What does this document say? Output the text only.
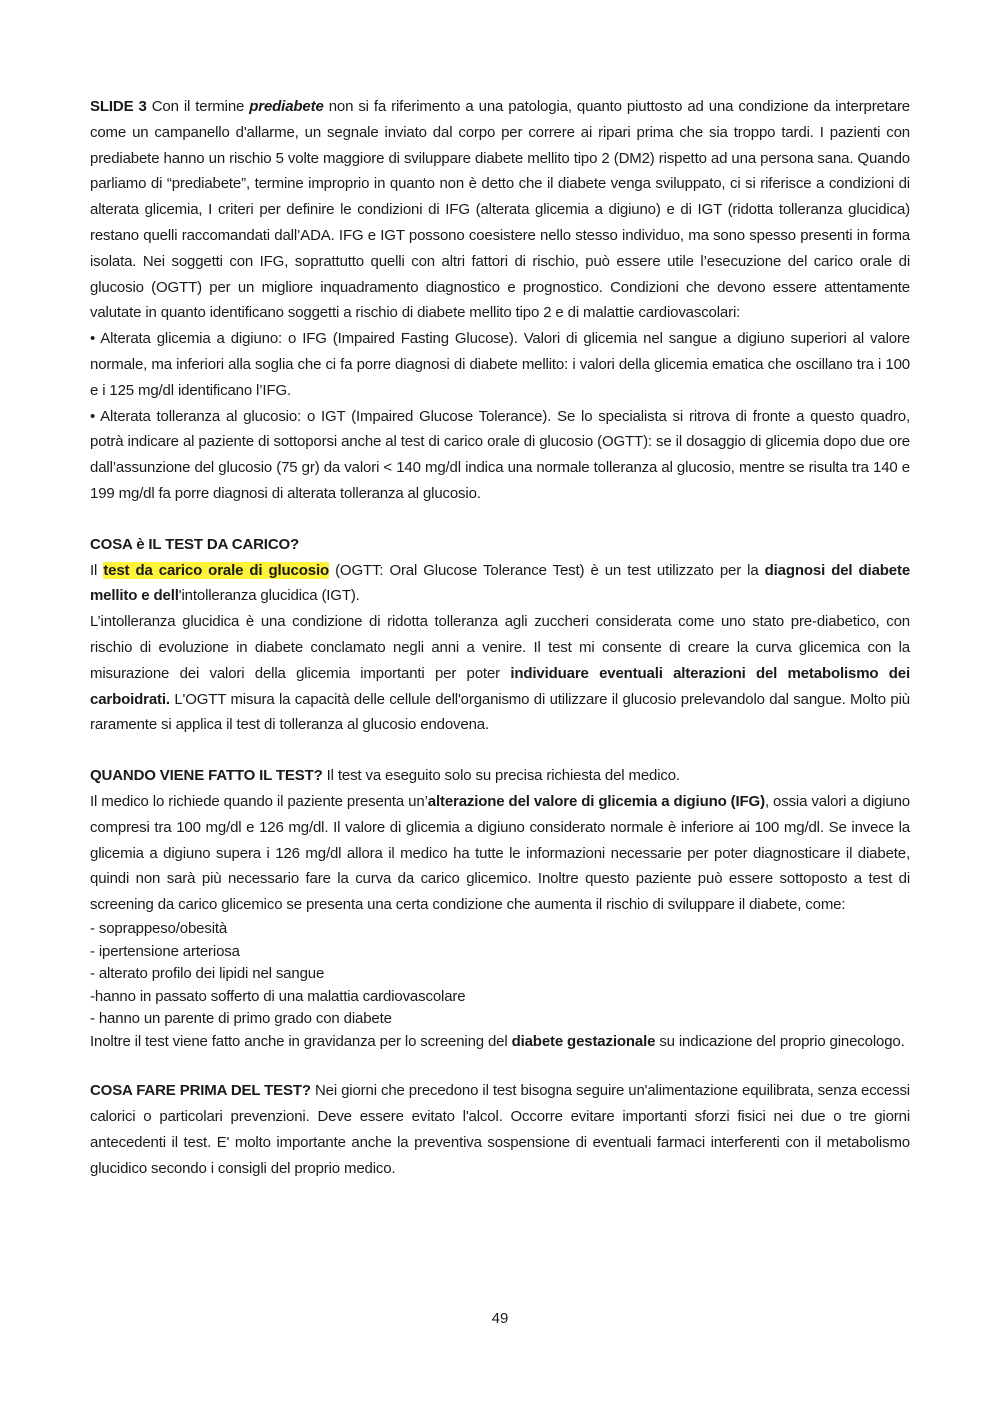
SLIDE 3 Con il termine prediabete non si fa riferimento a una patologia, quanto piuttosto ad una condizione da interpretare come un campanello d'allarme, un segnale inviato dal corpo per correre ai ripari prima che sia troppo tardi. I pazienti con prediabete hanno un rischio 5 volte maggiore di sviluppare diabete mellito tipo 2 (DM2) rispetto ad una persona sana. Quando parliamo di “prediabete”, termine improprio in quanto non è detto che il diabete venga sviluppato, ci si riferisce a condizioni di alterata glicemia, I criteri per definire le condizioni di IFG (alterata glicemia a digiuno) e di IGT (ridotta tolleranza glucidica) restano quelli raccomandati dall’ADA. IFG e IGT possono coesistere nello stesso individuo, ma sono spesso presenti in forma isolata. Nei soggetti con IFG, soprattutto quelli con altri fattori di rischio, può essere utile l’esecuzione del carico orale di glucosio (OGTT) per un migliore inquadramento diagnostico e prognostico. Condizioni che devono essere attentamente valutate in quanto identificano soggetti a rischio di diabete mellito tipo 2 e di malattie cardiovascolari:

• Alterata glicemia a digiuno: o IFG (Impaired Fasting Glucose). Valori di glicemia nel sangue a digiuno superiori al valore normale, ma inferiori alla soglia che ci fa porre diagnosi di diabete mellito: i valori della glicemia ematica che oscillano tra i 100 e i 125 mg/dl identificano l’IFG.

• Alterata tolleranza al glucosio: o IGT (Impaired Glucose Tolerance). Se lo specialista si ritrova di fronte a questo quadro, potrà indicare al paziente di sottoporsi anche al test di carico orale di glucosio (OGTT): se il dosaggio di glicemia dopo due ore dall’assunzione del glucosio (75 gr) da valori < 140 mg/dl indica una normale tolleranza al glucosio, mentre se risulta tra 140 e 199 mg/dl fa porre diagnosi di alterata tolleranza al glucosio.

COSA è IL TEST DA CARICO?

Il test da carico orale di glucosio (OGTT: Oral Glucose Tolerance Test) è un test utilizzato per la diagnosi del diabete mellito e dell'intolleranza glucidica (IGT).

L’intolleranza glucidica è una condizione di ridotta tolleranza agli zuccheri considerata come uno stato pre-diabetico, con rischio di evoluzione in diabete conclamato negli anni a venire. Il test mi consente di creare la curva glicemica con la misurazione dei valori della glicemia importanti per poter individuare eventuali alterazioni del metabolismo dei carboidrati. L'OGTT misura la capacità delle cellule dell'organismo di utilizzare il glucosio prelevandolo dal sangue. Molto più raramente si applica il test di tolleranza al glucosio endovena.

QUANDO VIENE FATTO IL TEST? Il test va eseguito solo su precisa richiesta del medico.

Il medico lo richiede quando il paziente presenta un’alterazione del valore di glicemia a digiuno (IFG), ossia valori a digiuno compresi tra 100 mg/dl e 126 mg/dl. Il valore di glicemia a digiuno considerato normale è inferiore ai 100 mg/dl. Se invece la glicemia a digiuno supera i 126 mg/dl allora il medico ha tutte le informazioni necessarie per poter diagnosticare il diabete, quindi non sarà più necessario fare la curva da carico glicemico. Inoltre questo paziente può essere sottoposto a test di screening da carico glicemico se presenta una certa condizione che aumenta il rischio di sviluppare il diabete, come:

- soprappeso/obesità

- ipertensione arteriosa

- alterato profilo dei lipidi nel sangue

-hanno in passato sofferto di una malattia cardiovascolare

- hanno un parente di primo grado con diabete

Inoltre il test viene fatto anche in gravidanza per lo screening del diabete gestazionale su indicazione del proprio ginecologo.

COSA FARE PRIMA DEL TEST? Nei giorni che precedono il test bisogna seguire un'alimentazione equilibrata, senza eccessi calorici o particolari prevenzioni. Deve essere evitato l'alcol. Occorre evitare importanti sforzi fisici nei due o tre giorni antecedenti il test. E' molto importante anche la preventiva sospensione di eventuali farmaci interferenti con il metabolismo glucidico secondo i consigli del proprio medico.

49
